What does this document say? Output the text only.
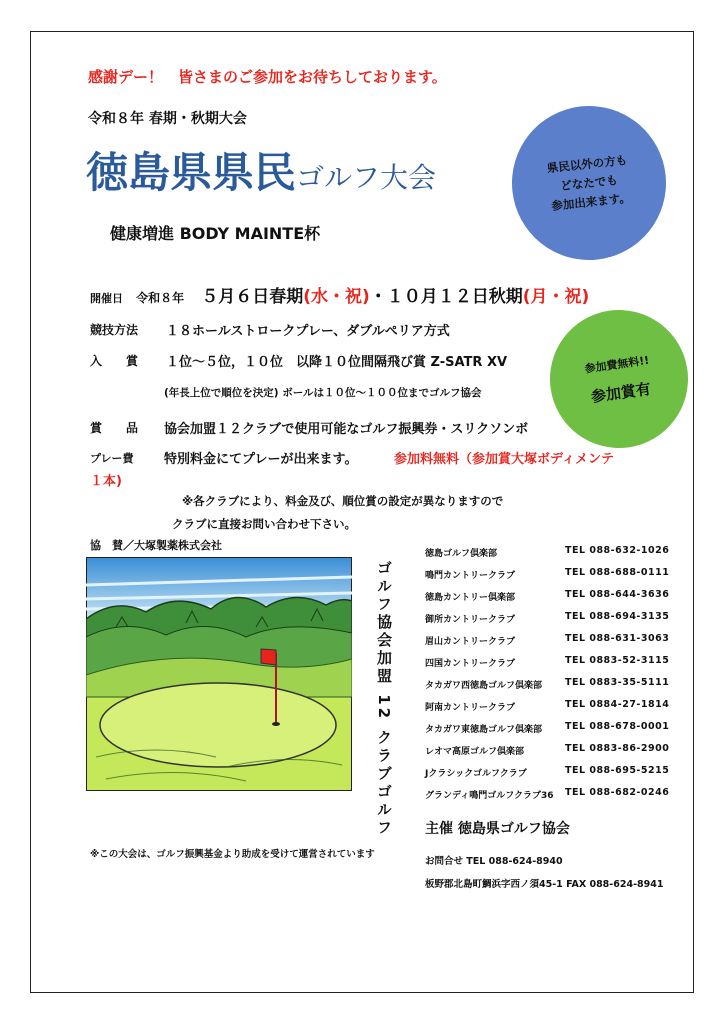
感謝デー！　皆さまのご参加をお待ちしております。
令和８年 春期・秋期大会
徳島県県民ゴルフ大会
健康増進 BODY MAINTE杯
県民以外の方も
どなたでも
参加出来ます。
開催日 令和８年 ５月６日春期(水・祝)・１０月１２日秋期(月・祝)
競技方法 １８ホールストロークプレー、ダブルペリア方式
入　　賞 １位～５位，１０位　以降１０位間隔飛び賞 Z-SATR XV
(年長上位で順位を決定) ボールは１０位～１００位までゴルフ協会
賞　　品 協会加盟１２クラブで使用可能なゴルフ振興券・スリクソンボ
参加費無料!!
参加賞有
プレー費 特別料金にてプレーが出来ます。	参加料無料（参加賞大塚ボディメンテ
１本)
※各クラブにより、料金及び、順位賞の設定が異なりますので
クラブに直接お問い合わせ下さい。
協　賛／大塚製薬株式会社
ゴルフ協会加盟 12 クラブゴルフ
徳島ゴルフ倶楽部	TEL 088-632-1026
鳴門カントリークラブ	TEL 088-688-0111
徳島カントリー倶楽部	TEL 088-644-3636
御所カントリークラブ	TEL 088-694-3135
眉山カントリークラブ	TEL 088-631-3063
四国カントリークラブ	TEL 0883-52-3115
タカガワ西徳島ゴルフ倶楽部 TEL 0883-35-5111
阿南カントリークラブ	TEL 0884-27-1814
タカガワ東徳島ゴルフ倶楽部 TEL 088-678-0001
レオマ高原ゴルフ倶楽部	TEL 0883-86-2900
Jクラシックゴルフクラブ	TEL 088-695-5215
グランディ鳴門ゴルフクラブ36 TEL 088-682-0246
主催 徳島県ゴルフ協会
お問合せ TEL 088-624-8940
板野郡北島町鯛浜字西ノ須45-1 FAX 088-624-8941
※この大会は、ゴルフ振興基金より助成を受けて運営されています
